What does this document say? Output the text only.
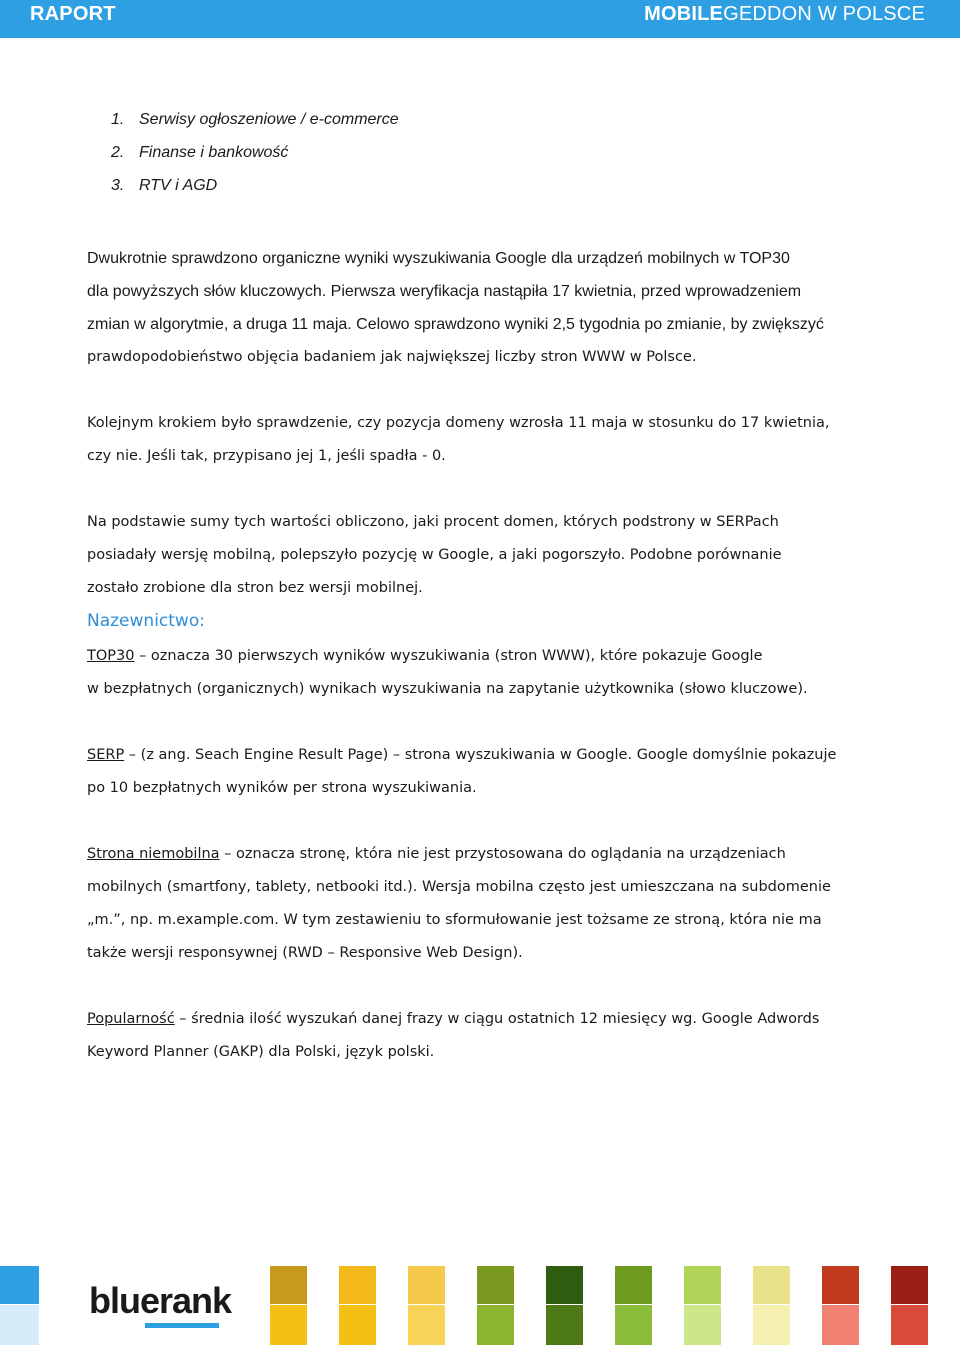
RAPORT	MOBILEGEDDON W POLSCE
1. Serwisy ogłoszeniowe / e-commerce
2. Finanse i bankowość
3. RTV i AGD

Dwukrotnie sprawdzono organiczne wyniki wyszukiwania Google dla urządzeń mobilnych w TOP30

dla powyższych słów kluczowych. Pierwsza weryfikacja nastąpiła 17 kwietnia, przed wprowadzeniem

zmian w algorytmie, a druga 11 maja. Celowo sprawdzono wyniki 2,5 tygodnia po zmianie, by zwiększyć

prawdopodobieństwo objęcia badaniem jak największej liczby stron WWW w Polsce.

Kolejnym krokiem było sprawdzenie, czy pozycja domeny wzrosła 11 maja w stosunku do 17 kwietnia,

czy nie. Jeśli tak, przypisano jej 1, jeśli spadła - 0.

Na podstawie sumy tych wartości obliczono, jaki procent domen, których podstrony w SERPach

posiadały wersję mobilną, polepszyło pozycję w Google, a jaki pogorszyło. Podobne porównanie

zostało zrobione dla stron bez wersji mobilnej.

Nazewnictwo:

TOP30 – oznacza 30 pierwszych wyników wyszukiwania (stron WWW), które pokazuje Google

w bezpłatnych (organicznych) wynikach wyszukiwania na zapytanie użytkownika (słowo kluczowe).

SERP – (z ang. Seach Engine Result Page) – strona wyszukiwania w Google. Google domyślnie pokazuje

po 10 bezpłatnych wyników per strona wyszukiwania.

Strona niemobilna – oznacza stronę, która nie jest przystosowana do oglądania na urządzeniach

mobilnych (smartfony, tablety, netbooki itd.). Wersja mobilna często jest umieszczana na subdomenie

„m.”, np. m.example.com. W tym zestawieniu to sformułowanie jest tożsame ze stroną, która nie ma

także wersji responsywnej (RWD – Responsive Web Design).

Popularność – średnia ilość wyszukań danej frazy w ciągu ostatnich 12 miesięcy wg. Google Adwords

Keyword Planner (GAKP) dla Polski, język polski.

bluerank
